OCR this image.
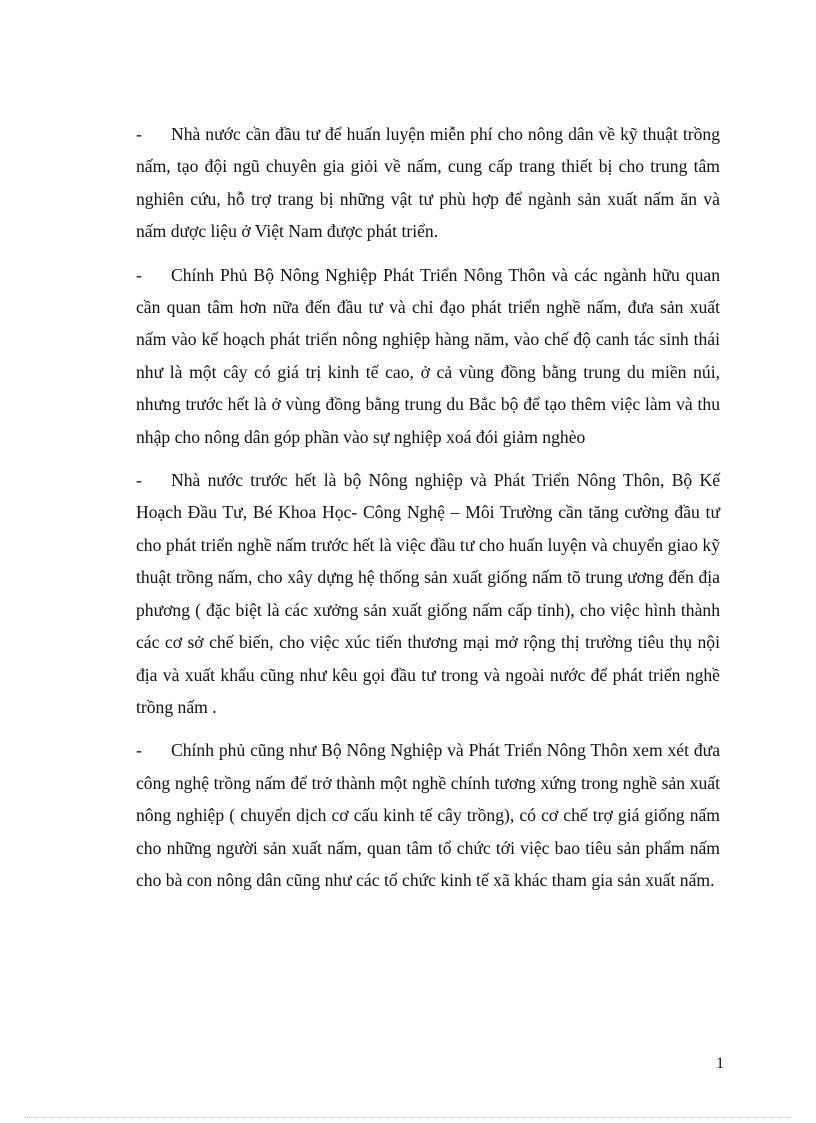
- Nhà nước cần đầu tư để huấn luyện miễn phí cho nông dân về kỹ thuật trồng nấm, tạo đội ngũ chuyên gia giỏi về nấm, cung cấp trang thiết bị cho trung tâm nghiên cứu, hỗ trợ trang bị những vật tư phù hợp để ngành sản xuất nấm ăn và nấm dược liệu ở Việt Nam được phát triển.

- Chính Phủ Bộ Nông Nghiệp Phát Triển Nông Thôn và các ngành hữu quan cần quan tâm hơn nữa đến đầu tư và chỉ đạo phát triển nghề nấm, đưa sản xuất nấm vào kế hoạch phát triển nông nghiệp hàng năm, vào chế độ canh tác sinh thái như là một cây có giá trị kinh tế cao, ở cả vùng đồng bằng trung du miền núi, nhưng trước hết là ở vùng đồng bằng trung du Bắc bộ để tạo thêm việc làm và thu nhập cho nông dân góp phần vào sự nghiệp xoá đói giảm nghèo

- Nhà nước trước hết là bộ Nông nghiệp và Phát Triển Nông Thôn, Bộ Kế Hoạch Đầu Tư, Bé Khoa Học- Công Nghệ – Môi Trường cần tăng cường đầu tư cho phát triển nghề nấm trước hết là việc đầu tư cho huấn luyện và chuyển giao kỹ thuật trồng nấm, cho xây dựng hệ thống sản xuất giống nấm tõ trung ương đến địa phương ( đặc biệt là các xưởng sản xuất giống nấm cấp tỉnh), cho việc hình thành các cơ sở chế biến, cho việc xúc tiến thương mại mở rộng thị trường tiêu thụ nội địa và xuất khẩu cũng như kêu gọi đầu tư trong và ngoài nước để phát triển nghề trồng nấm .

- Chính phủ cũng như Bộ Nông Nghiệp và Phát Triển Nông Thôn xem xét đưa công nghệ trồng nấm để trở thành một nghề chính tương xứng trong nghề sản xuất nông nghiệp ( chuyển dịch cơ cấu kinh tế cây trồng), có cơ chế trợ giá giống nấm cho những người sản xuất nấm, quan tâm tổ chức tới việc bao tiêu sản phẩm nấm cho bà con nông dân cũng như các tổ chức kinh tế xã khác tham gia sản xuất nấm.

1
